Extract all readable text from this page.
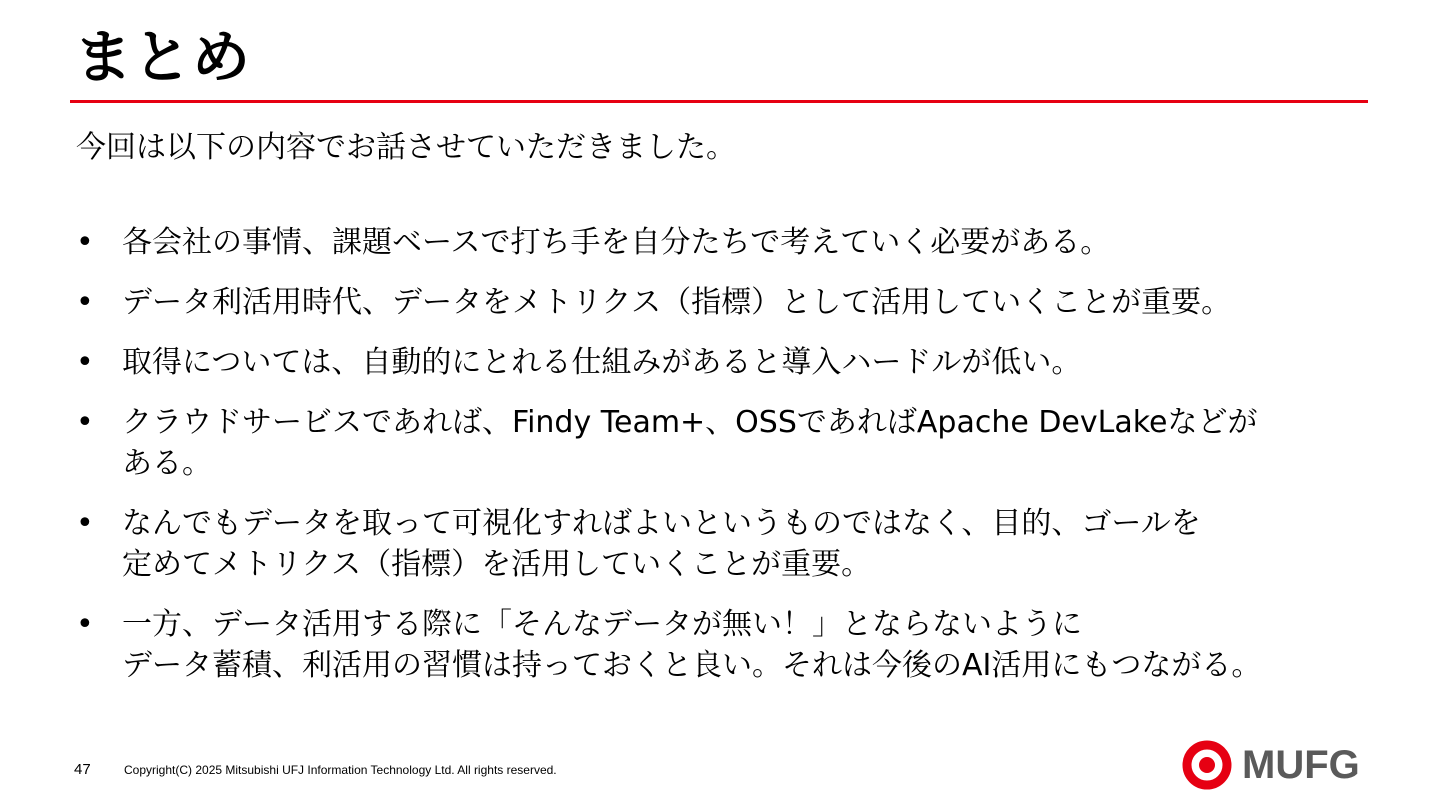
まとめ
今回は以下の内容でお話させていただきました。
• 各会社の事情、課題ベースで打ち手を自分たちで考えていく必要がある。
• データ利活用時代、データをメトリクス（指標）として活用していくことが重要。
• 取得については、自動的にとれる仕組みがあると導入ハードルが低い。
• クラウドサービスであれば、Findy Team+、OSSであればApache DevLakeなどが
ある。
• なんでもデータを取って可視化すればよいというものではなく、目的、ゴールを
定めてメトリクス（指標）を活用していくことが重要。
• 一方、データ活用する際に「そんなデータが無い！」とならないように
データ蓄積、利活用の習慣は持っておくと良い。それは今後のAI活用にもつながる。
47	Copyright(C) 2025 Mitsubishi UFJ Information Technology Ltd. All rights reserved.	MUFG
